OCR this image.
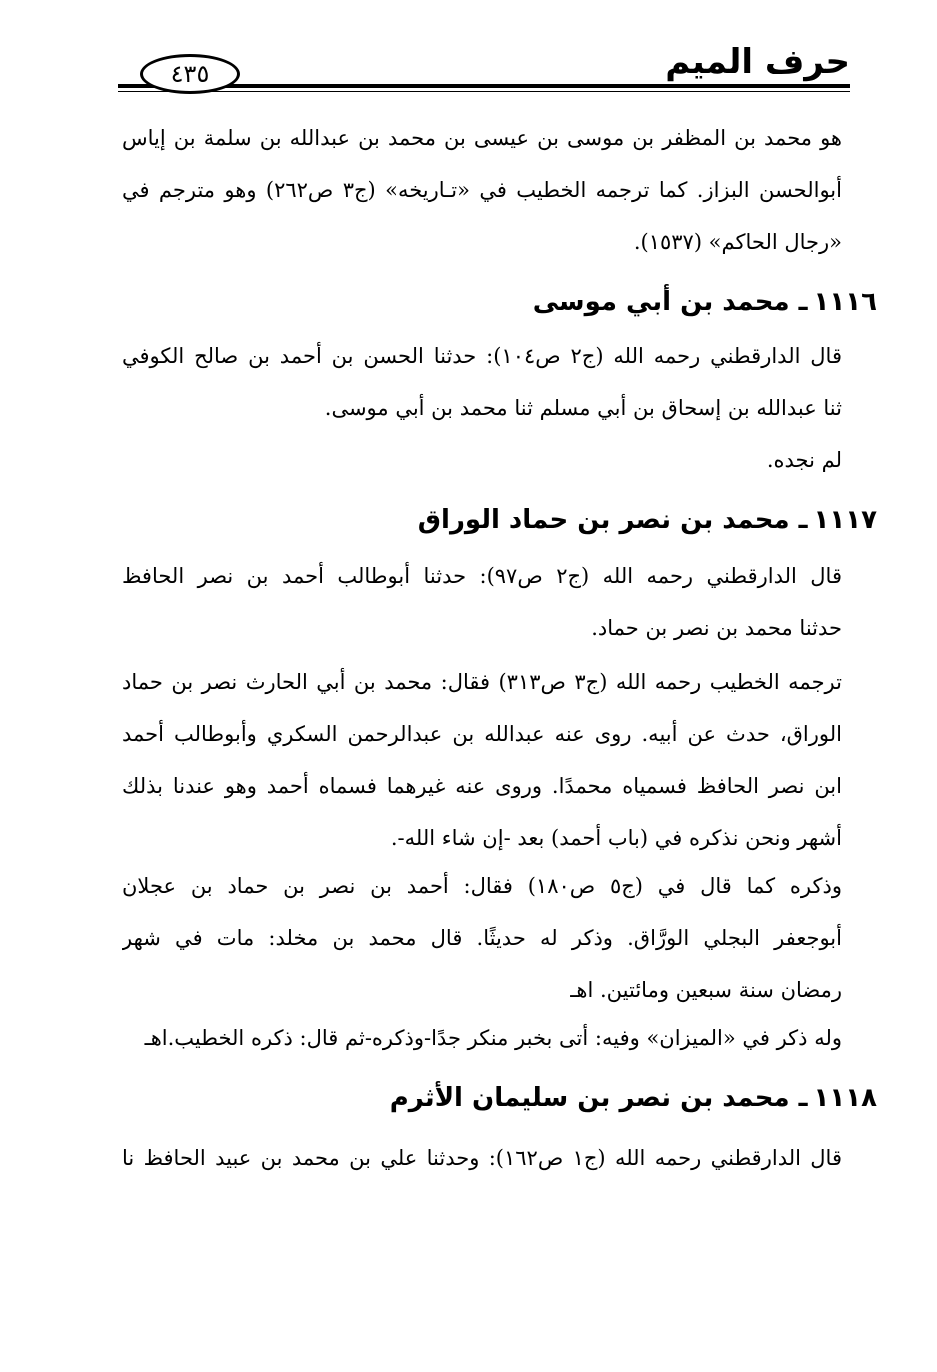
حرف الميم
٤٣٥

هو محمد بن المظفر بن موسى بن عيسى بن محمد بن عبدالله بن سلمة بن إياس
أبوالحسن البزاز. كما ترجمه الخطيب في «تـاريخه» (ج٣ ص٢٦٢) وهو مترجم في
«رجال الحاكم» (١٥٣٧).

١١١٦ـ محمد بن أبي موسى

قال الدارقطني رحمه الله (ج٢ ص١٠٤): حدثنا الحسن بن أحمد بن صالح الكوفي
ثنا عبدالله بن إسحاق بن أبي مسلم ثنا محمد بن أبي موسى.

لم نجده.

١١١٧ـ محمد بن نصر بن حماد الوراق

قال الدارقطني رحمه الله (ج٢ ص٩٧): حدثنا أبوطالب أحمد بن نصر الحافظ
حدثنا محمد بن نصر بن حماد.

ترجمه الخطيب رحمه الله (ج٣ ص٣١٣) فقال: محمد بن أبي الحارث نصر بن حماد
الوراق، حدث عن أبيه. روى عنه عبدالله بن عبدالرحمن السكري وأبوطالب أحمد
ابن نصر الحافظ فسمياه محمدًا. وروى عنه غيرهما فسماه أحمد وهو عندنا بذلك
أشهر ونحن نذكره في (باب أحمد) بعد -إن شاء الله-.

وذكره كما قال في (ج٥ ص١٨٠) فقال: أحمد بن نصر بن حماد بن عجلان
أبوجعفر البجلي الورَّاق. وذكر له حديثًا. قال محمد بن مخلد: مات في شهر
رمضان سنة سبعين ومائتين. اهـ

وله ذكر في «الميزان» وفيه: أتى بخبر منكر جدًا-وذكره-ثم قال: ذكره الخطيب.اهـ

١١١٨ـ محمد بن نصر بن سليمان الأثرم

قال الدارقطني رحمه الله (ج١ ص١٦٢): وحدثنا علي بن محمد بن عبيد الحافظ نا
